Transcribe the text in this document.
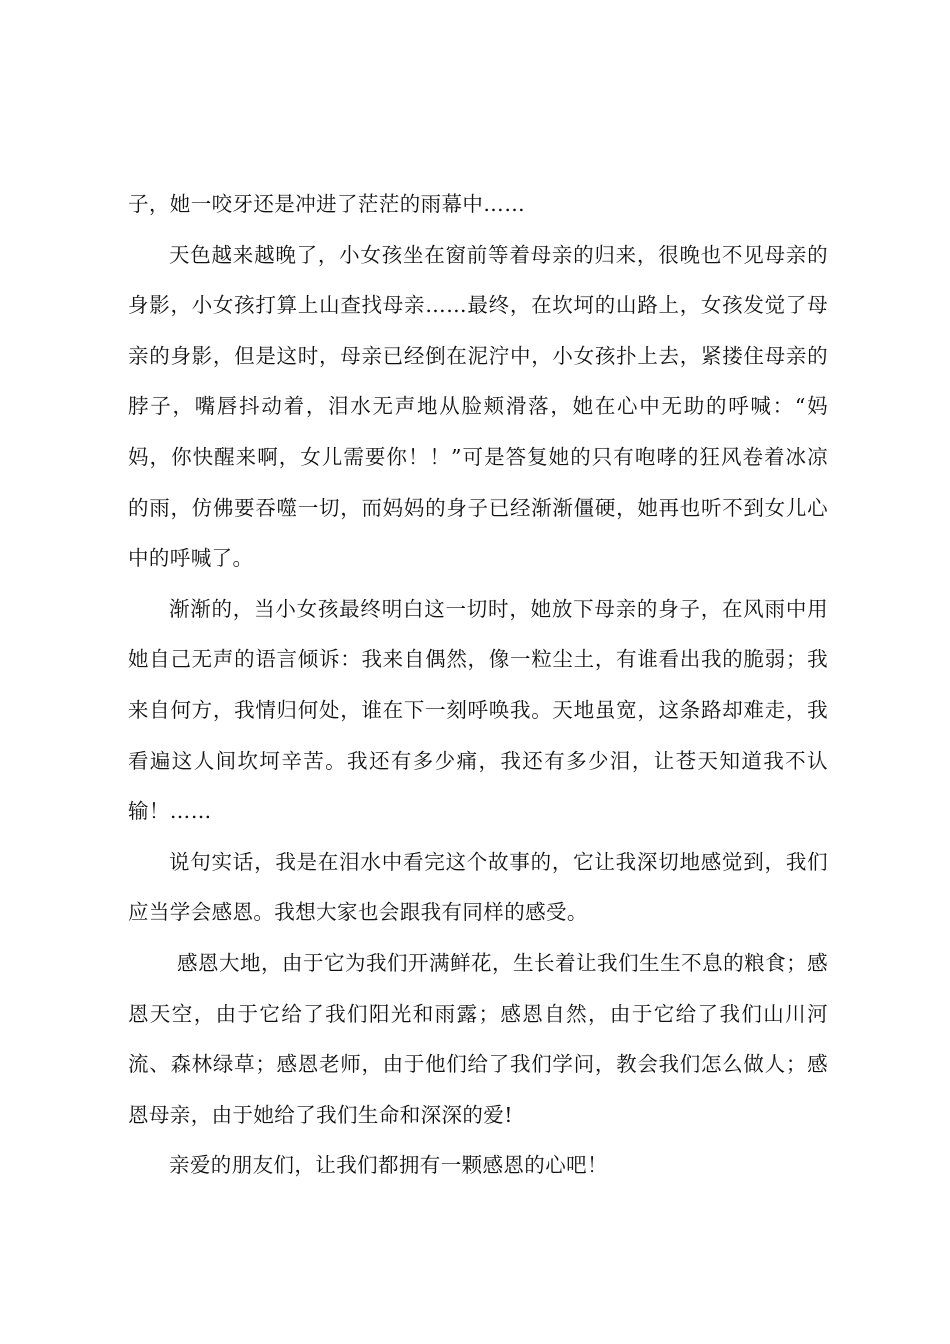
子，她一咬牙还是冲进了茫茫的雨幕中……

天色越来越晚了，小女孩坐在窗前等着母亲的归来，很晚也不见母亲的身影，小女孩打算上山查找母亲……最终，在坎坷的山路上，女孩发觉了母亲的身影，但是这时，母亲已经倒在泥泞中，小女孩扑上去，紧搂住母亲的脖子，嘴唇抖动着，泪水无声地从脸颊滑落，她在心中无助的呼喊：“妈妈，你快醒来啊，女儿需要你！！”可是答复她的只有咆哮的狂风卷着冰凉的雨，仿佛要吞噬一切，而妈妈的身子已经渐渐僵硬，她再也听不到女儿心中的呼喊了。

渐渐的，当小女孩最终明白这一切时，她放下母亲的身子，在风雨中用她自己无声的语言倾诉：我来自偶然，像一粒尘土，有谁看出我的脆弱；我来自何方，我情归何处，谁在下一刻呼唤我。天地虽宽，这条路却难走，我看遍这人间坎坷辛苦。我还有多少痛，我还有多少泪，让苍天知道我不认输！……

说句实话，我是在泪水中看完这个故事的，它让我深切地感觉到，我们应当学会感恩。我想大家也会跟我有同样的感受。

感恩大地，由于它为我们开满鲜花，生长着让我们生生不息的粮食；感恩天空，由于它给了我们阳光和雨露；感恩自然，由于它给了我们山川河流、森林绿草；感恩老师，由于他们给了我们学问，教会我们怎么做人；感恩母亲，由于她给了我们生命和深深的爱!

亲爱的朋友们，让我们都拥有一颗感恩的心吧！
